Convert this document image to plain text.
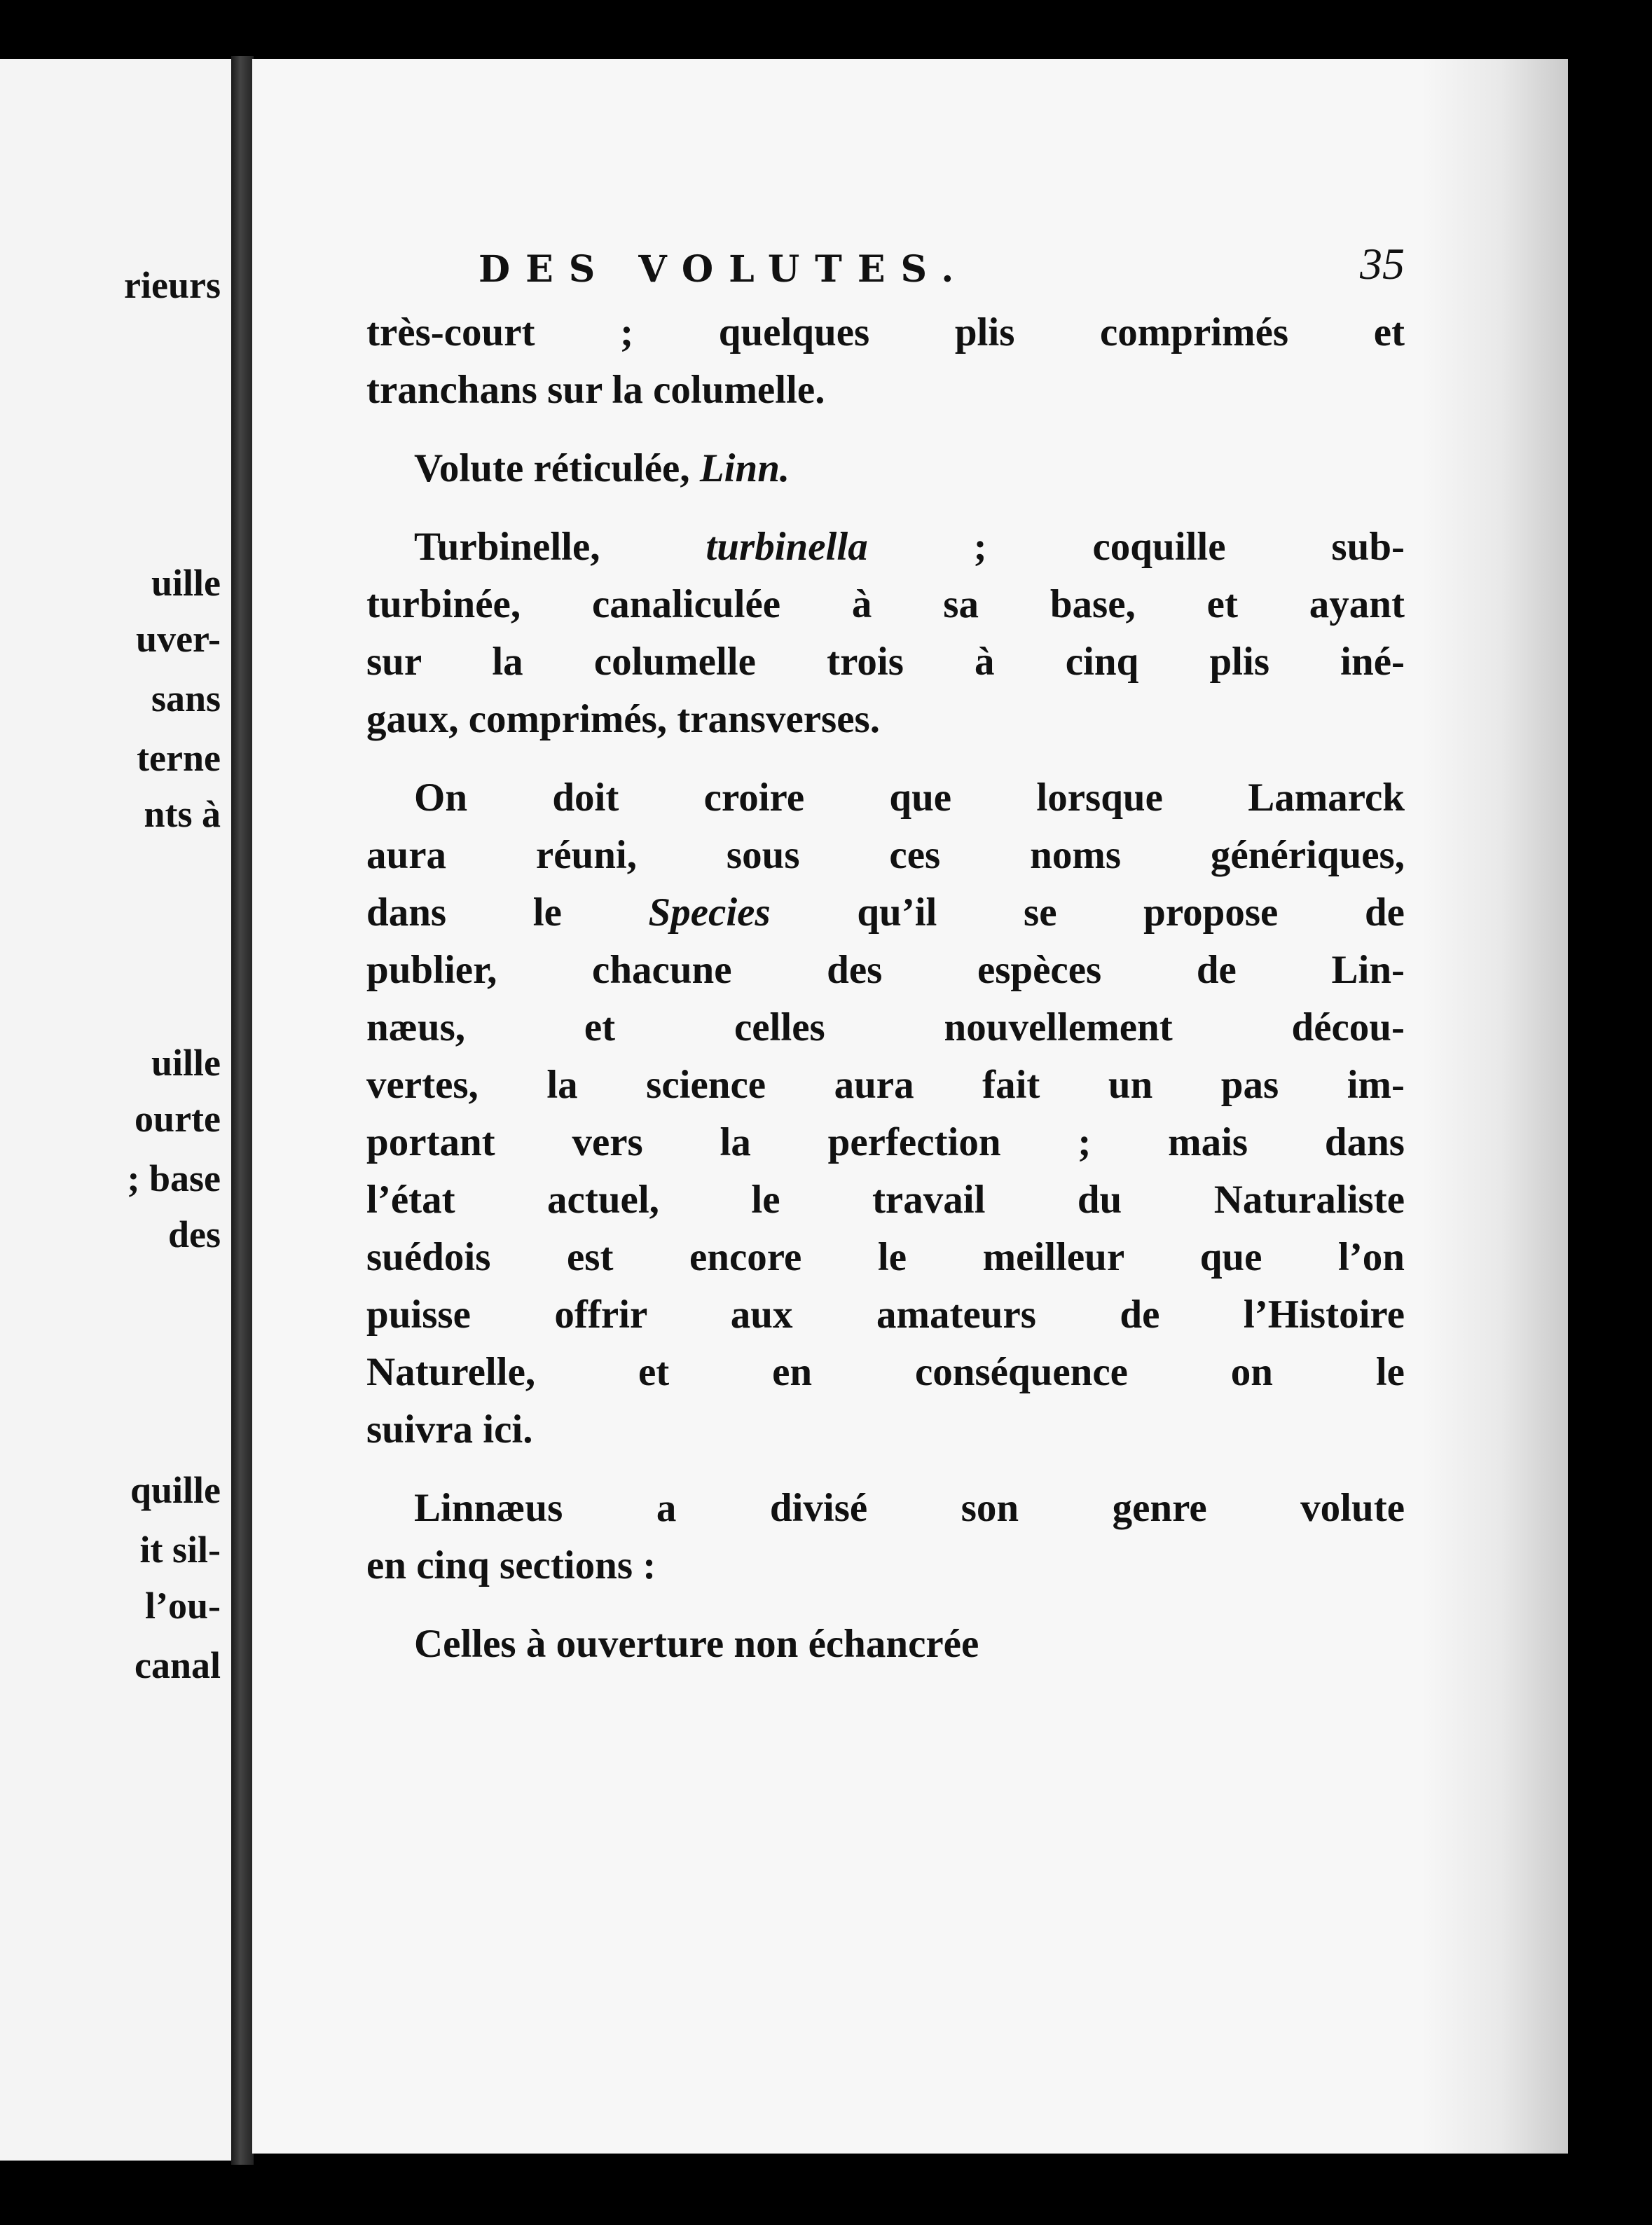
rieurs
uille
uver-
sans
terne
nts à
uille
ourte
; base
des
quille
it sil-
l’ou-
canal
DES VOLUTES.	35
très-court ; quelques plis comprimés et
tranchans sur la columelle.
Volute réticulée, Linn.
Turbinelle, turbinella ; coquille sub-
turbinée, canaliculée à sa base, et ayant
sur la columelle trois à cinq plis iné-
gaux, comprimés, transverses.
On doit croire que lorsque Lamarck
aura réuni, sous ces noms génériques,
dans le Species qu’il se propose de
publier, chacune des espèces de Lin-
næus, et celles nouvellement décou-
vertes, la science aura fait un pas im-
portant vers la perfection ; mais dans
l’état actuel, le travail du Naturaliste
suédois est encore le meilleur que l’on
puisse offrir aux amateurs de l’Histoire
Naturelle, et en conséquence on le
suivra ici.
Linnæus a divisé son genre volute
en cinq sections :
Celles à ouverture non échancrée
